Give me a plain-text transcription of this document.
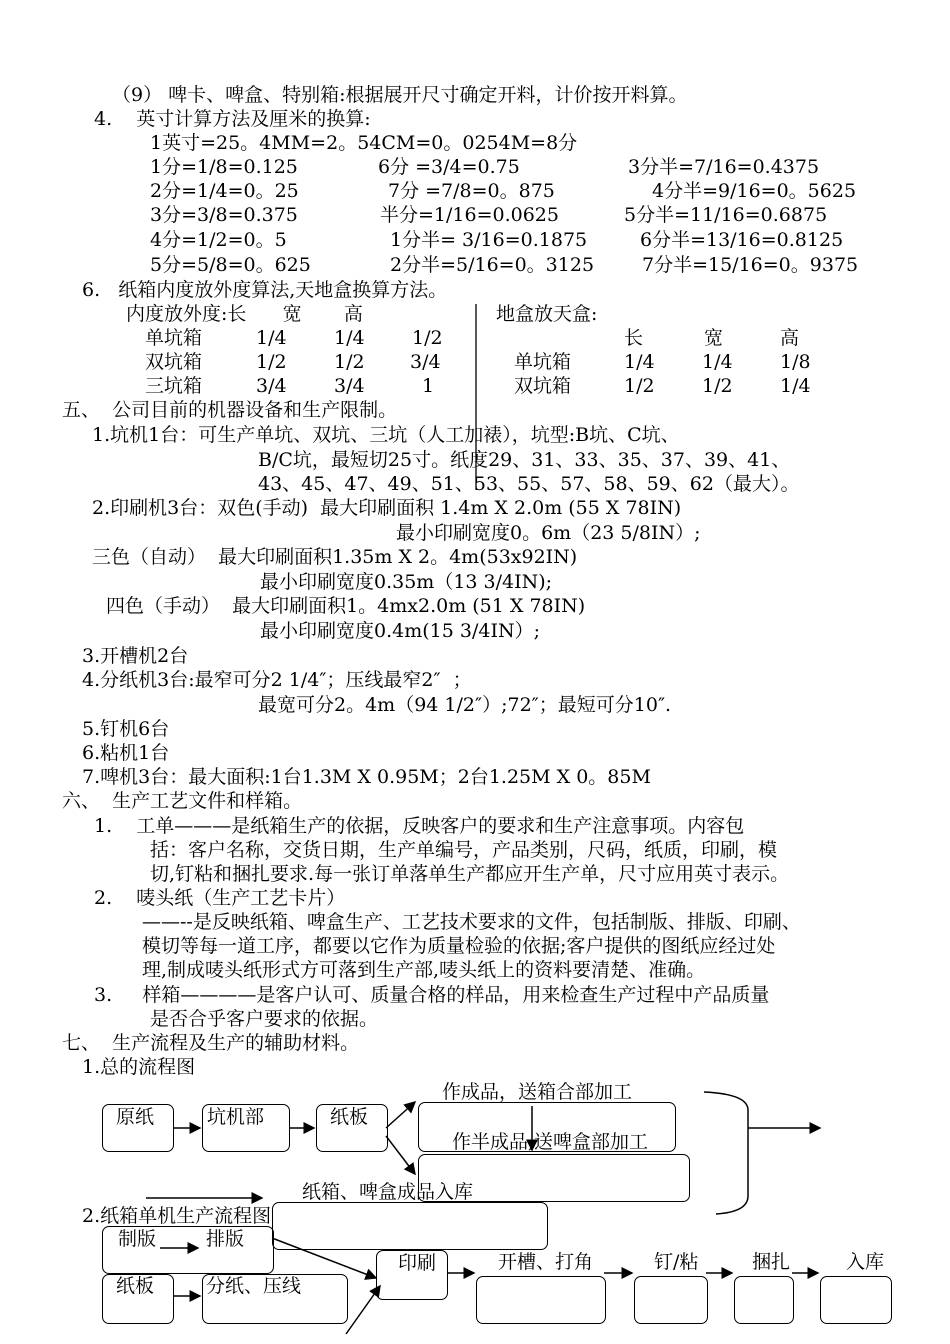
（9） 啤卡、啤盒、特别箱:根据展开尺寸确定开料，计价按开料算。
4.    英寸计算方法及厘米的换算:
1英寸=25。4MM=2。54CM=0。0254M=8分
1分=1/8=0.125	6分 =3/4=0.75	3分半=7/16=0.4375
2分=1/4=0。25	7分 =7/8=0。875	4分半=9/16=0。5625
3分=3/8=0.375	半分=1/16=0.0625	5分半=11/16=0.6875
4分=1/2=0。5	1分半= 3/16=0.1875	6分半=13/16=0.8125
5分=5/8=0。625	2分半=5/16=0。3125	7分半=15/16=0。9375
6.   纸箱内度放外度算法,天地盒换算方法。
内度放外度:长      宽       高
单坑箱	1/4 1/4 1/2
双坑箱	1/2 1/2 3/4
三坑箱	3/4 3/4	1
地盒放天盒:
长	宽	高
单坑箱	1/4 1/4 1/8
双坑箱	1/2 1/2 1/4
五、  公司目前的机器设备和生产限制。
1.坑机1台：可生产单坑、双坑、三坑（人工加裱），坑型:B坑、C坑、
B/C坑，最短切25寸。纸度29、31、33、35、37、39、41、
43、45、47、49、51、53、55、57、58、59、62（最大）。
2.印刷机3台：双色(手动)  最大印刷面积 1.4m X 2.0m (55 X 78IN)
最小印刷宽度0。6m（23 5/8IN）;
三色（自动）  最大印刷面积1.35m X 2。4m(53x92IN)
最小印刷宽度0.35m（13 3/4IN);
四色（手动）  最大印刷面积1。4mx2.0m (51 X 78IN)
最小印刷宽度0.4m(15 3/4IN）;
3.开槽机2台
4.分纸机3台:最窄可分2 1/4″；压线最窄2″  ；
最宽可分2。4m（94 1/2″）;72″；最短可分10″.
5.钉机6台
6.粘机1台
7.啤机3台：最大面积:1台1.3M X 0.95M；2台1.25M X 0。85M
六、  生产工艺文件和样箱。
1.    工单———是纸箱生产的依据，反映客户的要求和生产注意事项。内容包
括：客户名称，交货日期，生产单编号，产品类别，尺码，纸质，印刷，模
切,钉粘和捆扎要求.每一张订单落单生产都应开生产单，尺寸应用英寸表示。
2.    唛头纸（生产工艺卡片）
——--是反映纸箱、啤盒生产、工艺技术要求的文件，包括制版、排版、印刷、
模切等每一道工序，都要以它作为质量检验的依据;客户提供的图纸应经过处
理,制成唛头纸形式方可落到生产部,唛头纸上的资料要清楚、准确。
3.     样箱————是客户认可、质量合格的样品，用来检查生产过程中产品质量
是否合乎客户要求的依据。
七、  生产流程及生产的辅助材料。
1.总的流程图
原纸	坑机部	纸板
作成品，送箱合部加工
作半成品,送啤盒部加工
纸箱、啤盒成品入库
2.纸箱单机生产流程图
制版	排版
纸板	分纸、压线
印刷	开槽、打角	钉/粘	捆扎	入库
